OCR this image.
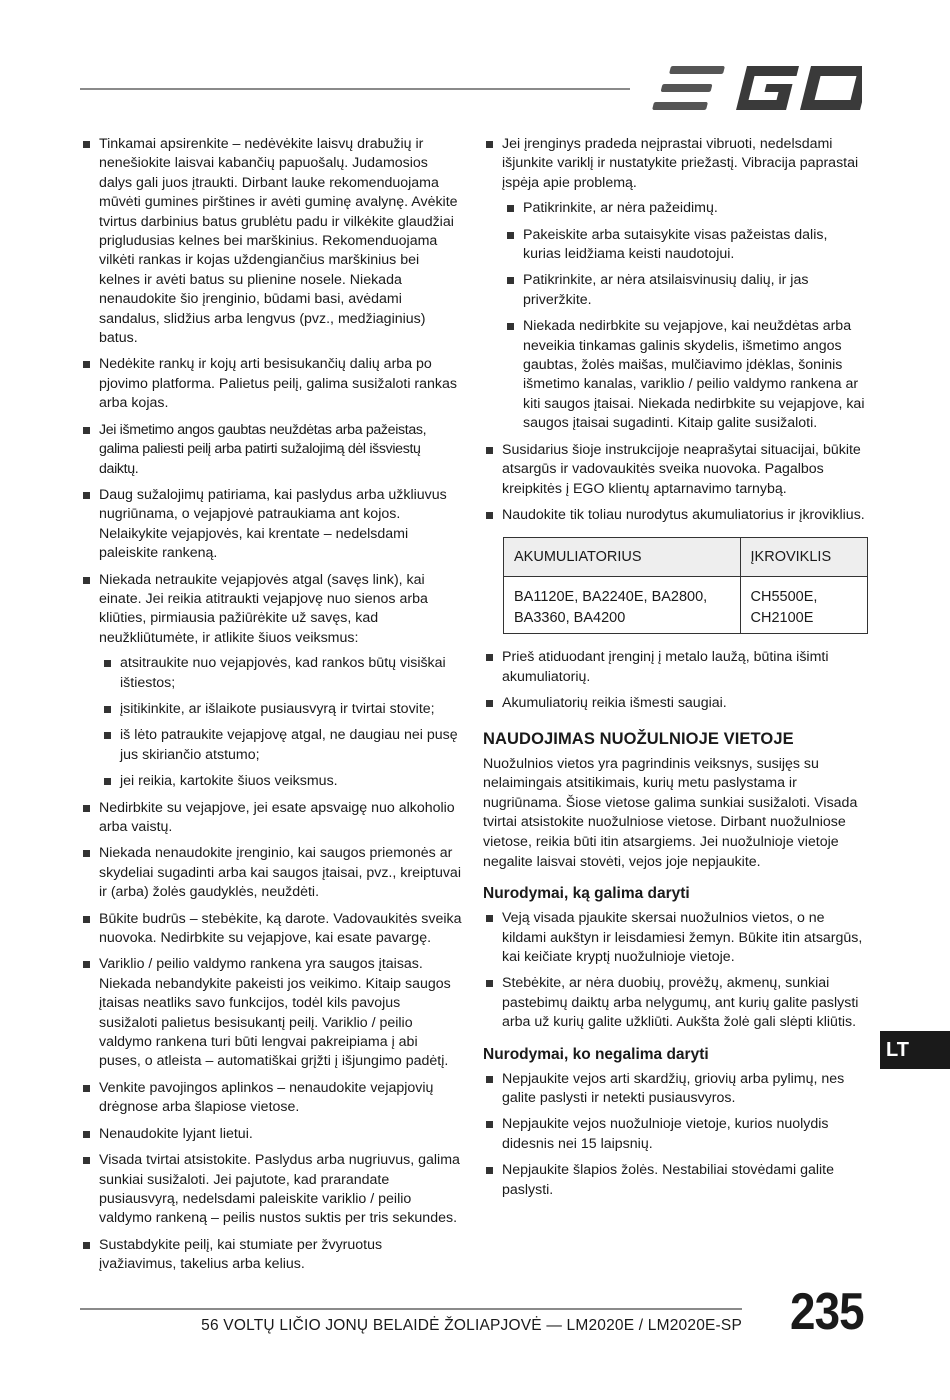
Tinkamai apsirenkite – nedėvėkite laisvų drabužių ir nenešiokite laisvai kabančių papuošalų. Judamosios dalys gali juos įtraukti. Dirbant lauke rekomenduojama mūvėti gumines pirštines ir avėti guminę avalynę. Avėkite tvirtus darbinius batus grublėtu padu ir vilkėkite glaudžiai prigludusias kelnes bei marškinius. Rekomenduojama vilkėti rankas ir kojas uždengiančius marškinius bei kelnes ir avėti batus su plienine nosele. Niekada nenaudokite šio įrenginio, būdami basi, avėdami sandalus, slidžius arba lengvus (pvz., medžiaginius) batus.
Nedėkite rankų ir kojų arti besisukančių dalių arba po pjovimo platforma. Palietus peilį, galima susižaloti rankas arba kojas.
Jei išmetimo angos gaubtas neuždėtas arba pažeistas, galima paliesti peilį arba patirti sužalojimą dėl išsviestų daiktų.
Daug sužalojimų patiriama, kai paslydus arba užkliuvus nugriūnama, o vejapjovė patraukiama ant kojos. Nelaikykite vejapjovės, kai krentate – nedelsdami paleiskite rankeną.
Niekada netraukite vejapjovės atgal (savęs link), kai einate. Jei reikia atitraukti vejapjovę nuo sienos arba kliūties, pirmiausia pažiūrėkite už savęs, kad neužkliūtumėte, ir atlikite šiuos veiksmus:
atsitraukite nuo vejapjovės, kad rankos būtų visiškai ištiestos;
įsitikinkite, ar išlaikote pusiausvyrą ir tvirtai stovite;
iš lėto patraukite vejapjovę atgal, ne daugiau nei pusę jus skiriančio atstumo;
jei reikia, kartokite šiuos veiksmus.
Nedirbkite su vejapjove, jei esate apsvaigę nuo alkoholio arba vaistų.
Niekada nenaudokite įrenginio, kai saugos priemonės ar skydeliai sugadinti arba kai saugos įtaisai, pvz., kreiptuvai ir (arba) žolės gaudyklės, neuždėti.
Būkite budrūs – stebėkite, ką darote. Vadovaukitės sveika nuovoka. Nedirbkite su vejapjove, kai esate pavargę.
Variklio / peilio valdymo rankena yra saugos įtaisas. Niekada nebandykite pakeisti jos veikimo. Kitaip saugos įtaisas neatliks savo funkcijos, todėl kils pavojus susižaloti palietus besisukantį peilį. Variklio / peilio valdymo rankena turi būti lengvai pakreipiama į abi puses, o atleista – automatiškai grįžti į išjungimo padėtį.
Venkite pavojingos aplinkos – nenaudokite vejapjovių drėgnose arba šlapiose vietose.
Nenaudokite lyjant lietui.
Visada tvirtai atsistokite. Paslydus arba nugriuvus, galima sunkiai susižaloti. Jei pajutote, kad prarandate pusiausvyrą, nedelsdami paleiskite variklio / peilio valdymo rankeną – peilis nustos suktis per tris sekundes.
Sustabdykite peilį, kai stumiate per žvyruotus įvažiavimus, takelius arba kelius.
Jei įrenginys pradeda neįprastai vibruoti, nedelsdami išjunkite variklį ir nustatykite priežastį. Vibracija paprastai įspėja apie problemą.
Patikrinkite, ar nėra pažeidimų.
Pakeiskite arba sutaisykite visas pažeistas dalis, kurias leidžiama keisti naudotojui.
Patikrinkite, ar nėra atsilaisvinusių dalių, ir jas priveržkite.
Niekada nedirbkite su vejapjove, kai neuždėtas arba neveikia tinkamas galinis skydelis, išmetimo angos gaubtas, žolės maišas, mulčiavimo įdėklas, šoninis išmetimo kanalas, variklio / peilio valdymo rankena ar kiti saugos įtaisai. Niekada nedirbkite su vejapjove, kai saugos įtaisai sugadinti. Kitaip galite susižaloti.
Susidarius šioje instrukcijoje neaprašytai situacijai, būkite atsargūs ir vadovaukitės sveika nuovoka. Pagalbos kreipkitės į EGO klientų aptarnavimo tarnybą.
Naudokite tik toliau nurodytus akumuliatorius ir įkroviklius.
AKUMULIATORIUS	ĮKROVIKLIS
BA1120E, BA2240E, BA2800, BA3360, BA4200	CH5500E, CH2100E
Prieš atiduodant įrenginį į metalo laužą, būtina išimti akumuliatorių.
Akumuliatorių reikia išmesti saugiai.
NAUDOJIMAS NUOŽULNIOJE VIETOJE

Nuožulnios vietos yra pagrindinis veiksnys, susijęs su nelaimingais atsitikimais, kurių metu paslystama ir nugriūnama. Šiose vietose galima sunkiai susižaloti. Visada tvirtai atsistokite nuožulniose vietose. Dirbant nuožulniose vietose, reikia būti itin atsargiems. Jei nuožulnioje vietoje negalite laisvai stovėti, vejos joje nepjaukite.

Nurodymai, ką galima daryti
Veją visada pjaukite skersai nuožulnios vietos, o ne kildami aukštyn ir leisdamiesi žemyn. Būkite itin atsargūs, kai keičiate kryptį nuožulnioje vietoje.
Stebėkite, ar nėra duobių, provėžų, akmenų, sunkiai pastebimų daiktų arba nelygumų, ant kurių galite paslysti arba už kurių galite užkliūti. Aukšta žolė gali slėpti kliūtis.
Nurodymai, ko negalima daryti
Nepjaukite vejos arti skardžių, griovių arba pylimų, nes galite paslysti ir netekti pusiausvyros.
Nepjaukite vejos nuožulnioje vietoje, kurios nuolydis didesnis nei 15 laipsnių.
Nepjaukite šlapios žolės. Nestabiliai stovėdami galite paslysti.
LT
56 VOLTŲ LIČIO JONŲ BELAIDĖ ŽOLIAPJOVĖ — LM2020E / LM2020E-SP 235
